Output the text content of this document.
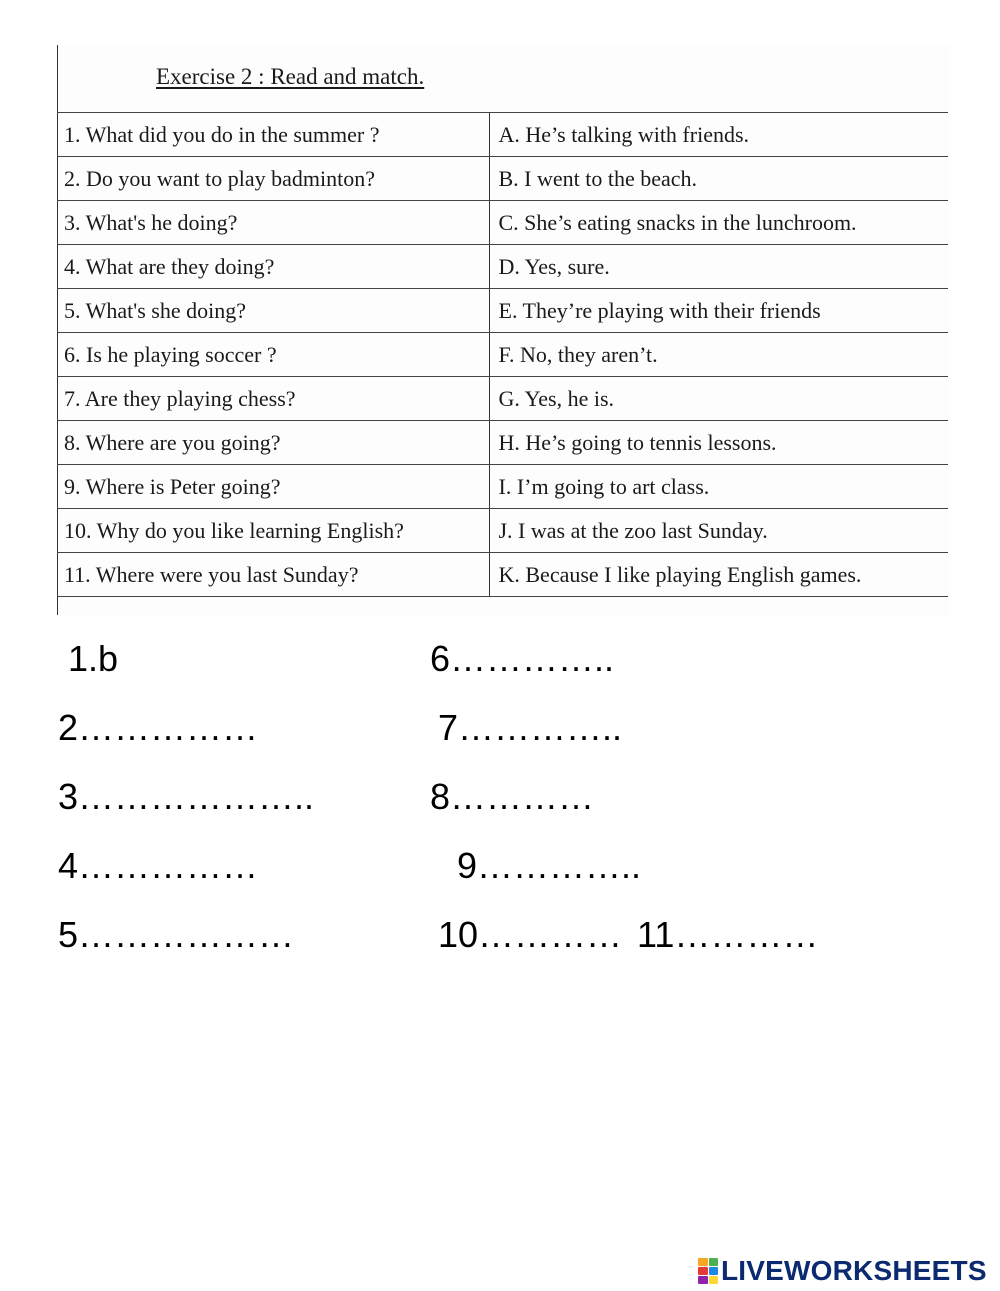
Exercise 2 : Read and match.
1. What did you do in the summer ?	A. He’s talking with friends.
2. Do you want to play badminton?	B. I went to the beach.
3. What's he doing?	C. She’s eating snacks in the lunchroom.
4. What are they doing?	D. Yes, sure.
5. What's she doing?	E. They’re playing with their friends
6. Is he playing soccer ?	F. No, they aren’t.
7. Are they playing chess?	G. Yes, he is.
8. Where are you going?	H. He’s going to tennis lessons.
9. Where is Peter going?	I. I’m going to art class.
10. Why do you like learning English?	J. I was at the zoo last Sunday.
11. Where were you last Sunday?	K. Because I like playing English games.
1.b
2……………
3………………..
4……………
5………………
6…………..
7…………..
8…………
9…………..
10………… 11…………
LIVEWORKSHEETS
